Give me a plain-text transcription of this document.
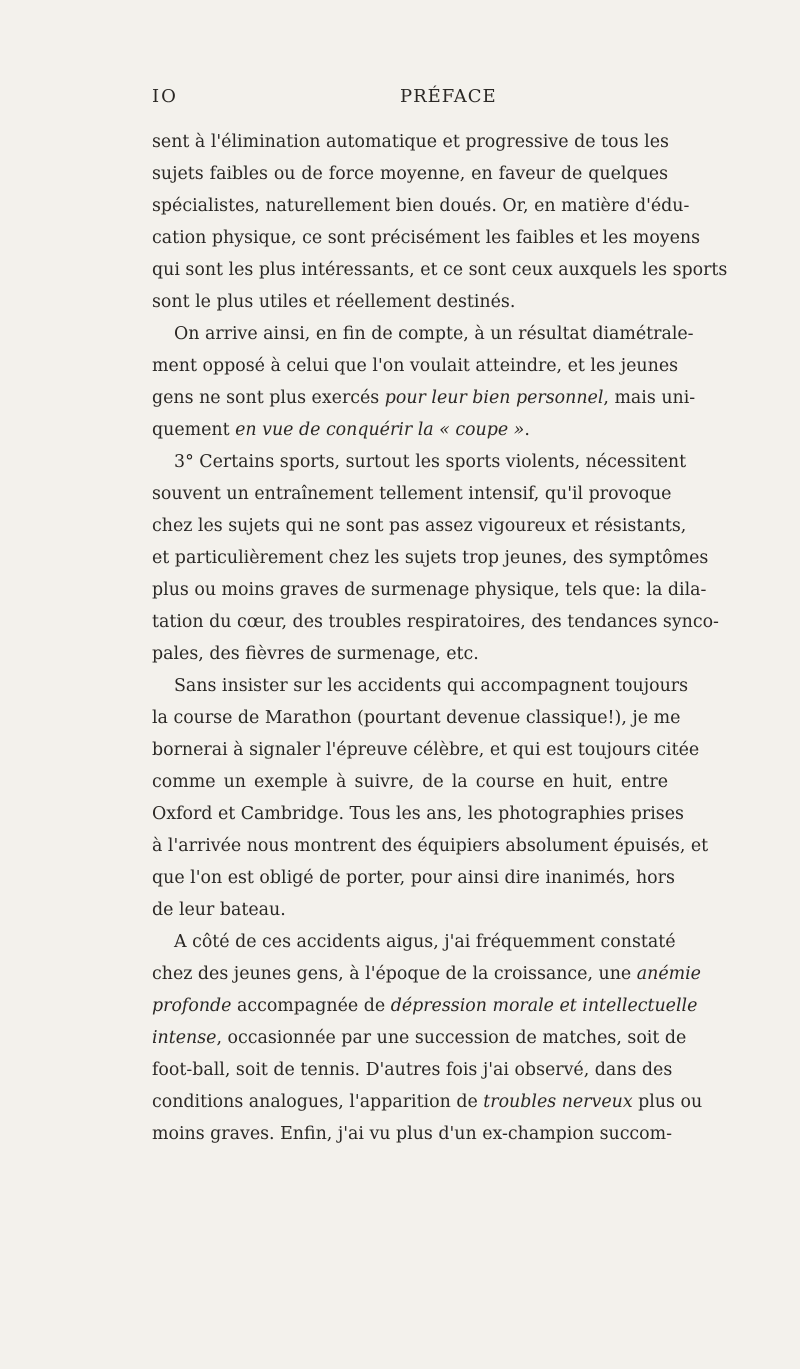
IO	PRÉFACE
sent à l'élimination automatique et progressive de tous les
sujets faibles ou de force moyenne, en faveur de quelques
spécialistes, naturellement bien doués. Or, en matière d'édu-
cation physique, ce sont précisément les faibles et les moyens
qui sont les plus intéressants, et ce sont ceux auxquels les sports
sont le plus utiles et réellement destinés.
On arrive ainsi, en fin de compte, à un résultat diamétrale-
ment opposé à celui que l'on voulait atteindre, et les jeunes
gens ne sont plus exercés pour leur bien personnel, mais uni-
quement en vue de conquérir la « coupe ».
3° Certains sports, surtout les sports violents, nécessitent
souvent un entraînement tellement intensif, qu'il provoque
chez les sujets qui ne sont pas assez vigoureux et résistants,
et particulièrement chez les sujets trop jeunes, des symptômes
plus ou moins graves de surmenage physique, tels que: la dila-
tation du cœur, des troubles respiratoires, des tendances synco-
pales, des fièvres de surmenage, etc.
Sans insister sur les accidents qui accompagnent toujours
la course de Marathon (pourtant devenue classique!), je me
bornerai à signaler l'épreuve célèbre, et qui est toujours citée
comme un exemple à suivre, de la course en huit, entre
Oxford et Cambridge. Tous les ans, les photographies prises
à l'arrivée nous montrent des équipiers absolument épuisés, et
que l'on est obligé de porter, pour ainsi dire inanimés, hors
de leur bateau.
A côté de ces accidents aigus, j'ai fréquemment constaté
chez des jeunes gens, à l'époque de la croissance, une anémie
profonde accompagnée de dépression morale et intellectuelle
intense, occasionnée par une succession de matches, soit de
foot-ball, soit de tennis. D'autres fois j'ai observé, dans des
conditions analogues, l'apparition de troubles nerveux plus ou
moins graves. Enfin, j'ai vu plus d'un ex-champion succom-
